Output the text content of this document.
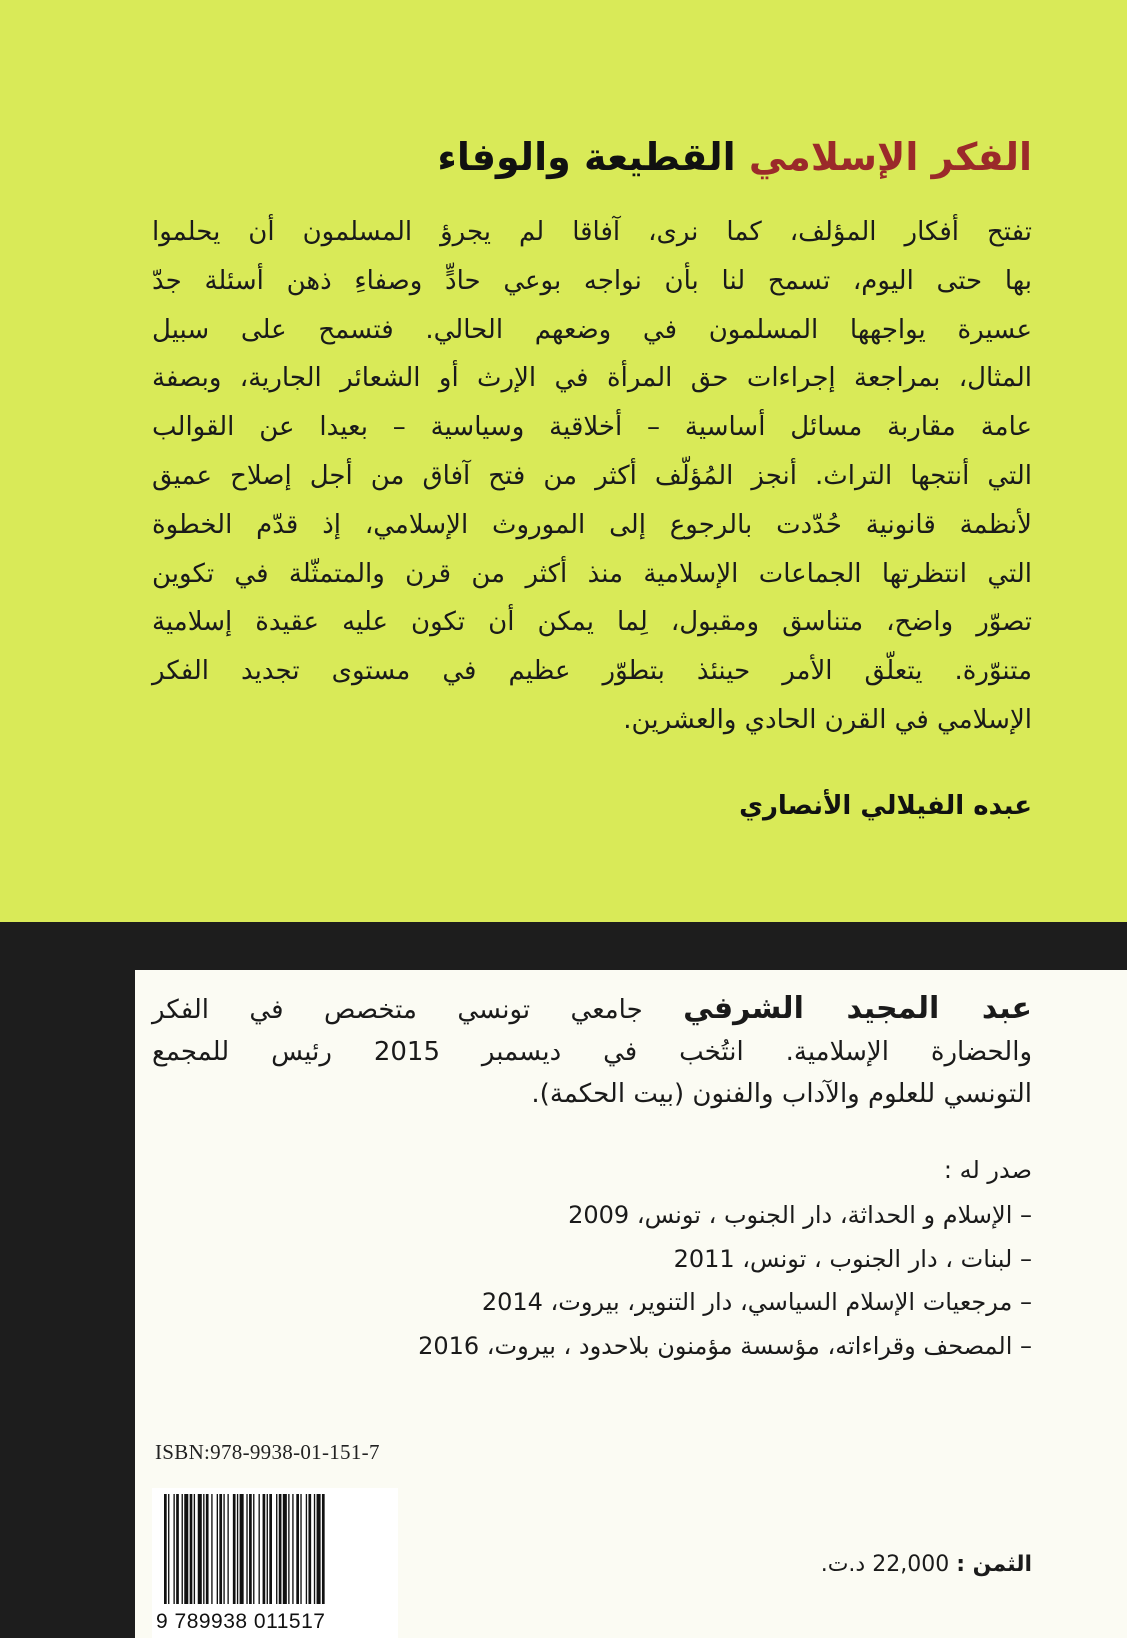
الفكر الإسلامي القطيعة والوفاء
تفتح أفكار المؤلف، كما نرى، آفاقا لم يجرؤ المسلمون أن يحلموا
بها حتى اليوم، تسمح لنا بأن نواجه بوعي حادٍّ وصفاءِ ذهن أسئلة جدّ
عسيرة يواجهها المسلمون في وضعهم الحالي. فتسمح على سبيل
المثال، بمراجعة إجراءات حق المرأة في الإرث أو الشعائر الجارية، وبصفة
عامة مقاربة مسائل أساسية – أخلاقية وسياسية – بعيدا عن القوالب
التي أنتجها التراث. أنجز المُؤلّف أكثر من فتح آفاق من أجل إصلاح عميق
لأنظمة قانونية حُدّدت بالرجوع إلى الموروث الإسلامي، إذ قدّم الخطوة
التي انتظرتها الجماعات الإسلامية منذ أكثر من قرن والمتمثّلة في تكوين
تصوّر واضح، متناسق ومقبول، لِما يمكن أن تكون عليه عقيدة إسلامية
متنوّرة. يتعلّق الأمر حينئذ بتطوّر عظيم في مستوى تجديد الفكر
الإسلامي في القرن الحادي والعشرين.
عبده الفيلالي الأنصاري
عبد المجيد الشرفي جامعي تونسي متخصص في الفكر
والحضارة الإسلامية. انتُخب في ديسمبر 2015 رئيس للمجمع
التونسي للعلوم والآداب والفنون (بيت الحكمة).
صدر له :
– الإسلام و الحداثة، دار الجنوب ، تونس، 2009
– لبنات ، دار الجنوب ، تونس، 2011
– مرجعيات الإسلام السياسي، دار التنوير، بيروت، 2014
– المصحف وقراءاته، مؤسسة مؤمنون بلاحدود ، بيروت، 2016
ISBN:978-9938-01-151-7
9 789938 011517
الثمن : 22,000 د.ت.
